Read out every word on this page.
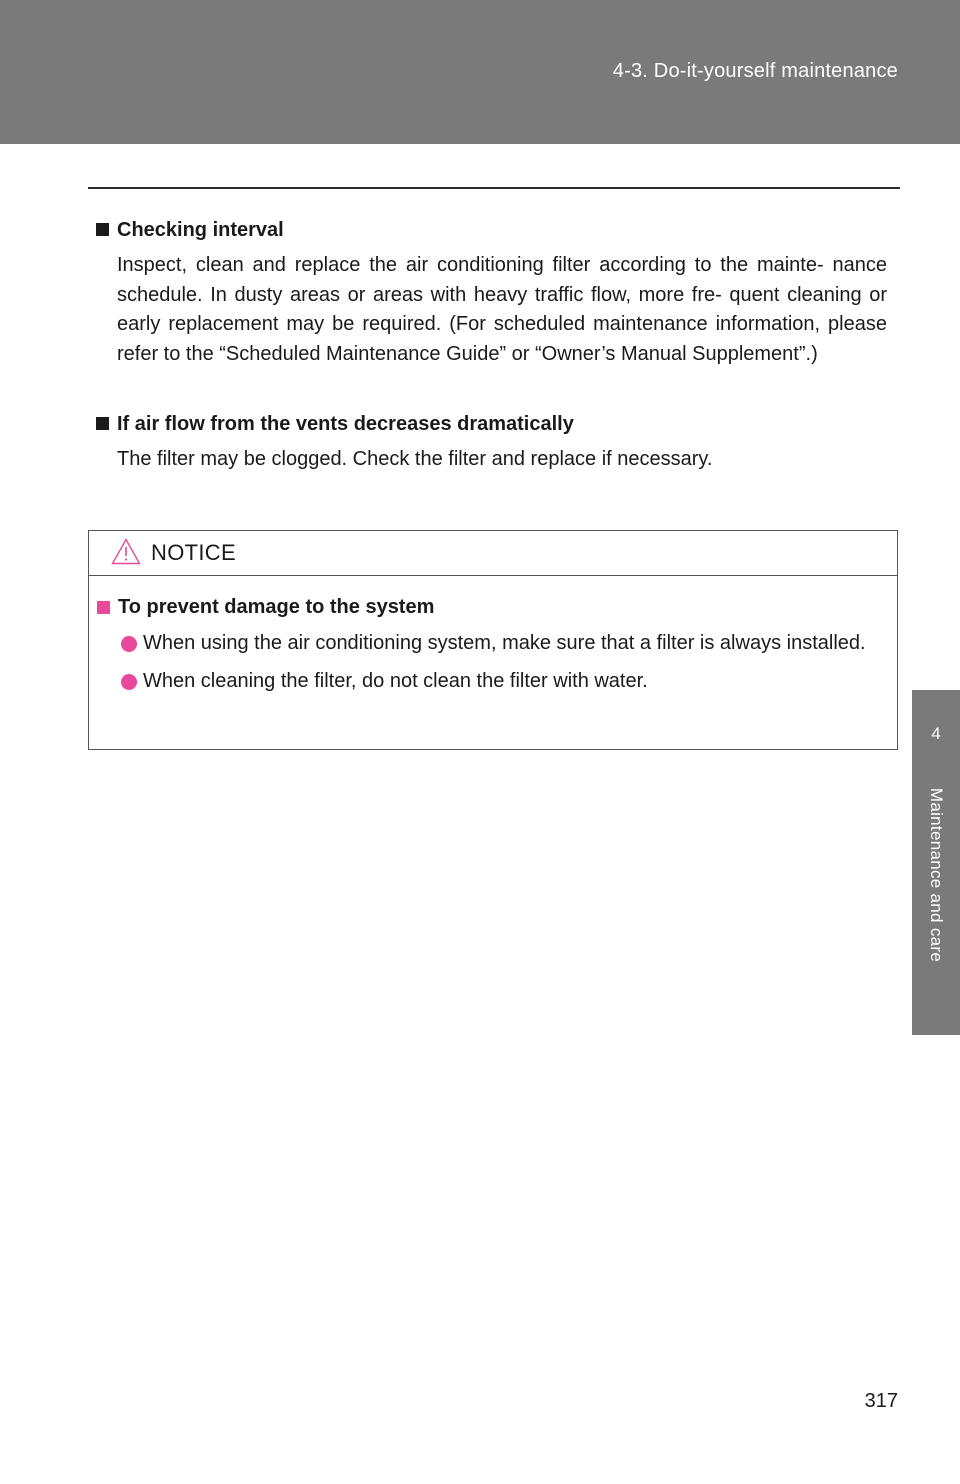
4-3. Do-it-yourself maintenance
4
Maintenance and care
Checking interval
Inspect, clean and replace the air conditioning filter according to the mainte- nance schedule. In dusty areas or areas with heavy traffic flow, more fre- quent cleaning or early replacement may be required. (For scheduled maintenance information, please refer to the “Scheduled Maintenance Guide” or “Owner’s Manual Supplement”.)
If air flow from the vents decreases dramatically
The filter may be clogged. Check the filter and replace if necessary.
NOTICE
To prevent damage to the system
When using the air conditioning system, make sure that a filter is always installed.
When cleaning the filter, do not clean the filter with water.
317
